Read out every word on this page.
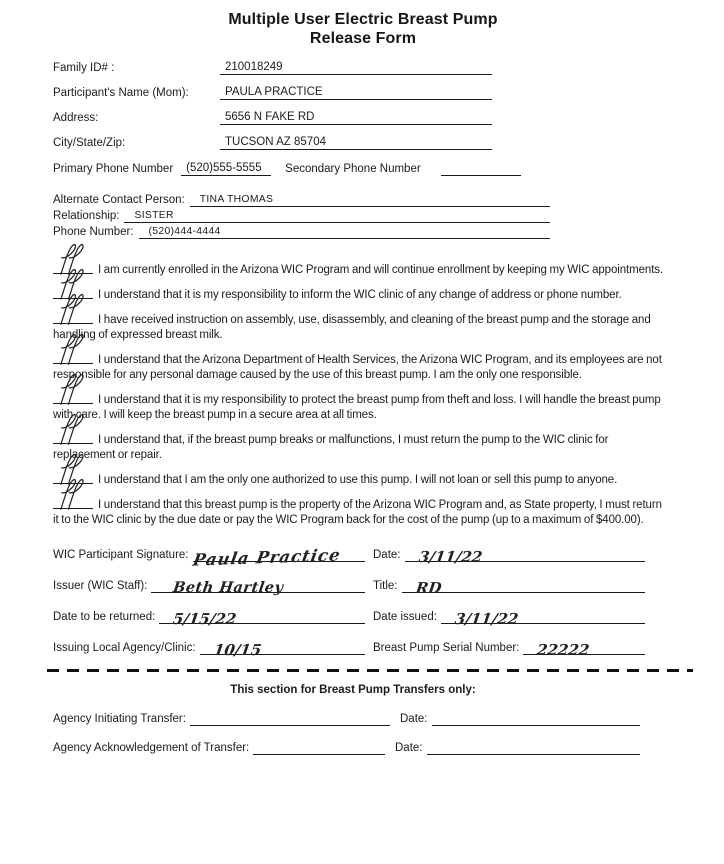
Multiple User Electric Breast Pump
Release Form
Family ID# :	210018249
Participant's Name (Mom):	PAULA PRACTICE
Address:	5656 N FAKE RD
City/State/Zip:	TUCSON AZ 85704
Primary Phone Number (520)555-5555 Secondary Phone Number
Alternate Contact Person: TINA THOMAS
Relationship: SISTER
Phone Number: (520)444-4444

I am currently enrolled in the Arizona WIC Program and will continue enrollment by keeping my WIC appointments.

I understand that it is my responsibility to inform the WIC clinic of any change of address or phone number.

I have received instruction on assembly, use, disassembly, and cleaning of the breast pump and the storage and handling of expressed breast milk.

I understand that the Arizona Department of Health Services, the Arizona WIC Program, and its employees are not responsible for any personal damage caused by the use of this breast pump. I am the only one responsible.

I understand that it is my responsibility to protect the breast pump from theft and loss. I will handle the breast pump with care. I will keep the breast pump in a secure area at all times.

I understand that, if the breast pump breaks or malfunctions, I must return the pump to the WIC clinic for replacement or repair.

I understand that I am the only one authorized to use this pump. I will not loan or sell this pump to anyone.

I understand that this breast pump is the property of the Arizona WIC Program and, as State property, I must return it to the WIC clinic by the due date or pay the WIC Program back for the cost of the pump (up to a maximum of $400.00).

WIC Participant Signature: Paula Practice	Date: 3/11/22
Issuer (WIC Staff): Beth Hartley	Title: RD
Date to be returned: 5/15/22	Date issued: 3/11/22
Issuing Local Agency/Clinic: 10/15	Breast Pump Serial Number: 22222
This section for Breast Pump Transfers only:
Agency Initiating Transfer:	Date:
Agency Acknowledgement of Transfer:	Date:
